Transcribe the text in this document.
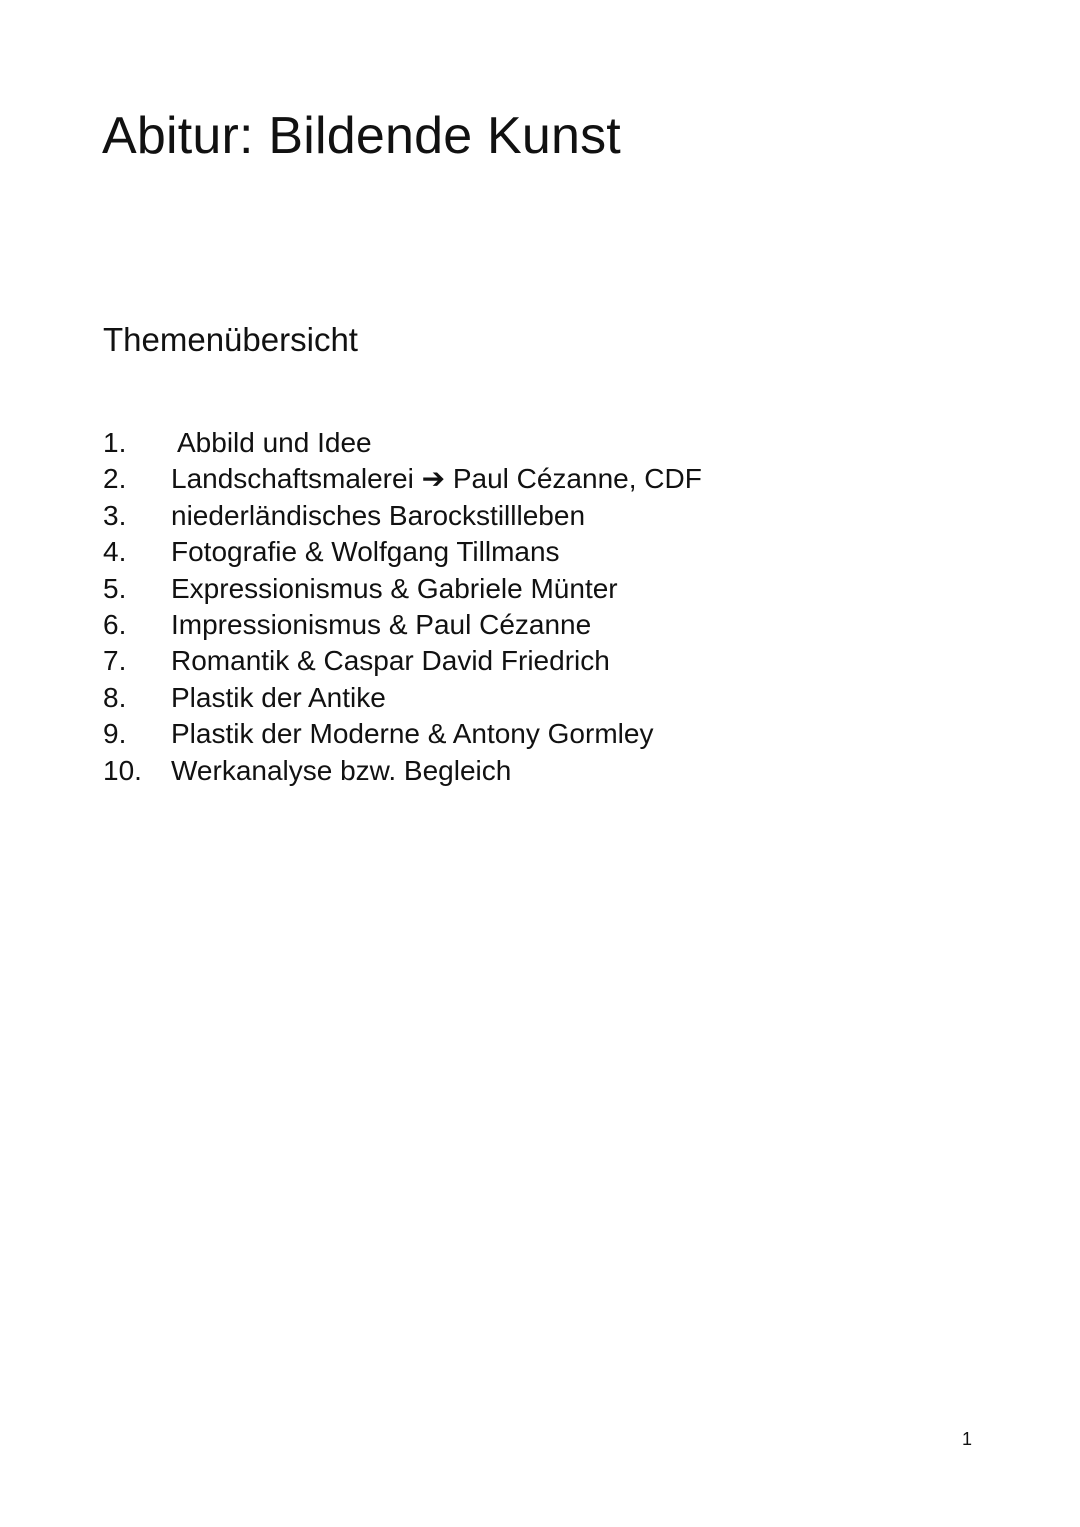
Abitur: Bildende Kunst
Themenübersicht
1.	Abbild und Idee
2.	Landschaftsmalerei ➔ Paul Cézanne, CDF
3.	niederländisches Barockstillleben
4.	Fotografie & Wolfgang Tillmans
5.	Expressionismus & Gabriele Münter
6.	Impressionismus & Paul Cézanne
7.	Romantik & Caspar David Friedrich
8.	Plastik der Antike
9.	Plastik der Moderne & Antony Gormley
10.	Werkanalyse bzw. Begleich
1
